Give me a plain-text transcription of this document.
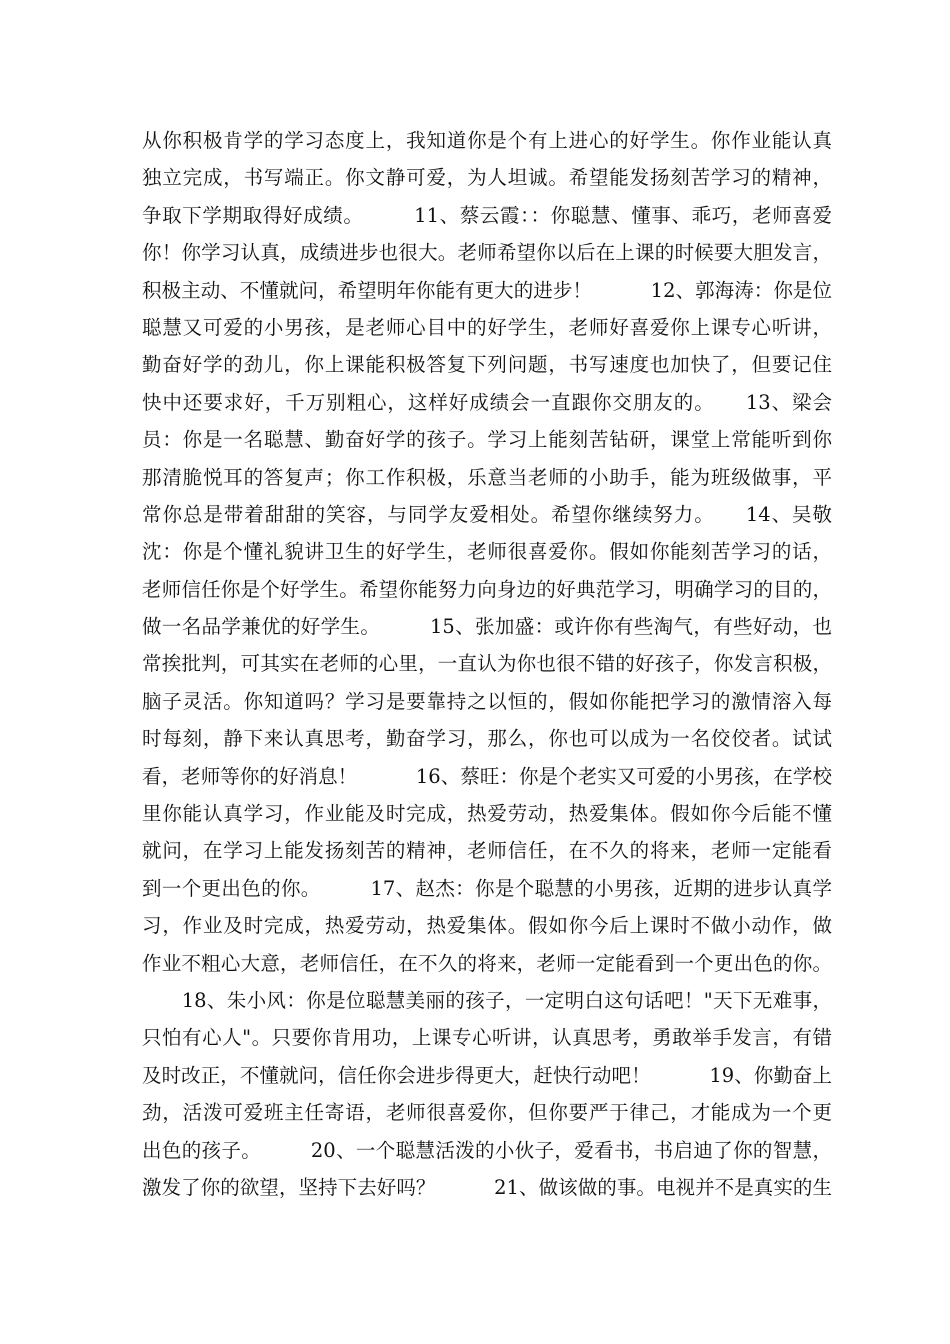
从你积极肯学的学习态度上，我知道你是个有上进心的好学生。你作业能认真
独立完成，书写端正。你文静可爱，为人坦诚。希望能发扬刻苦学习的精神，
争取下学期取得好成绩。　　　11、蔡云霞：：你聪慧、懂事、乖巧，老师喜爱
你！你学习认真，成绩进步也很大。老师希望你以后在上课的时候要大胆发言，
积极主动、不懂就问，希望明年你能有更大的进步！　　　12、郭海涛：你是位
聪慧又可爱的小男孩，是老师心目中的好学生，老师好喜爱你上课专心听讲，
勤奋好学的劲儿，你上课能积极答复下列问题，书写速度也加快了，但要记住
快中还要求好，千万别粗心，这样好成绩会一直跟你交朋友的。　　13、梁会
员：你是一名聪慧、勤奋好学的孩子。学习上能刻苦钻研，课堂上常能听到你
那清脆悦耳的答复声；你工作积极，乐意当老师的小助手，能为班级做事，平
常你总是带着甜甜的笑容，与同学友爱相处。希望你继续努力。　　14、吴敬
沈：你是个懂礼貌讲卫生的好学生，老师很喜爱你。假如你能刻苦学习的话，
老师信任你是个好学生。希望你能努力向身边的好典范学习，明确学习的目的，
做一名品学兼优的好学生。　　　15、张加盛：或许你有些淘气，有些好动，也
常挨批判，可其实在老师的心里，一直认为你也很不错的好孩子，你发言积极，
脑子灵活。你知道吗？学习是要靠持之以恒的，假如你能把学习的激情溶入每
时每刻，静下来认真思考，勤奋学习，那么，你也可以成为一名佼佼者。试试
看，老师等你的好消息！　　　16、蔡旺：你是个老实又可爱的小男孩，在学校
里你能认真学习，作业能及时完成，热爱劳动，热爱集体。假如你今后能不懂
就问，在学习上能发扬刻苦的精神，老师信任，在不久的将来，老师一定能看
到一个更出色的你。　　　17、赵杰：你是个聪慧的小男孩，近期的进步认真学
习，作业及时完成，热爱劳动，热爱集体。假如你今后上课时不做小动作，做
作业不粗心大意，老师信任，在不久的将来，老师一定能看到一个更出色的你。
　　18、朱小风：你是位聪慧美丽的孩子，一定明白这句话吧！"天下无难事，
只怕有心人"。只要你肯用功，上课专心听讲，认真思考，勇敢举手发言，有错
及时改正，不懂就问，信任你会进步得更大，赶快行动吧！　　　19、你勤奋上
劲，活泼可爱班主任寄语，老师很喜爱你，但你要严于律己，才能成为一个更
出色的孩子。　　　20、一个聪慧活泼的小伙子，爱看书，书启迪了你的智慧，
激发了你的欲望，坚持下去好吗？　　　21、做该做的事。电视并不是真实的生
